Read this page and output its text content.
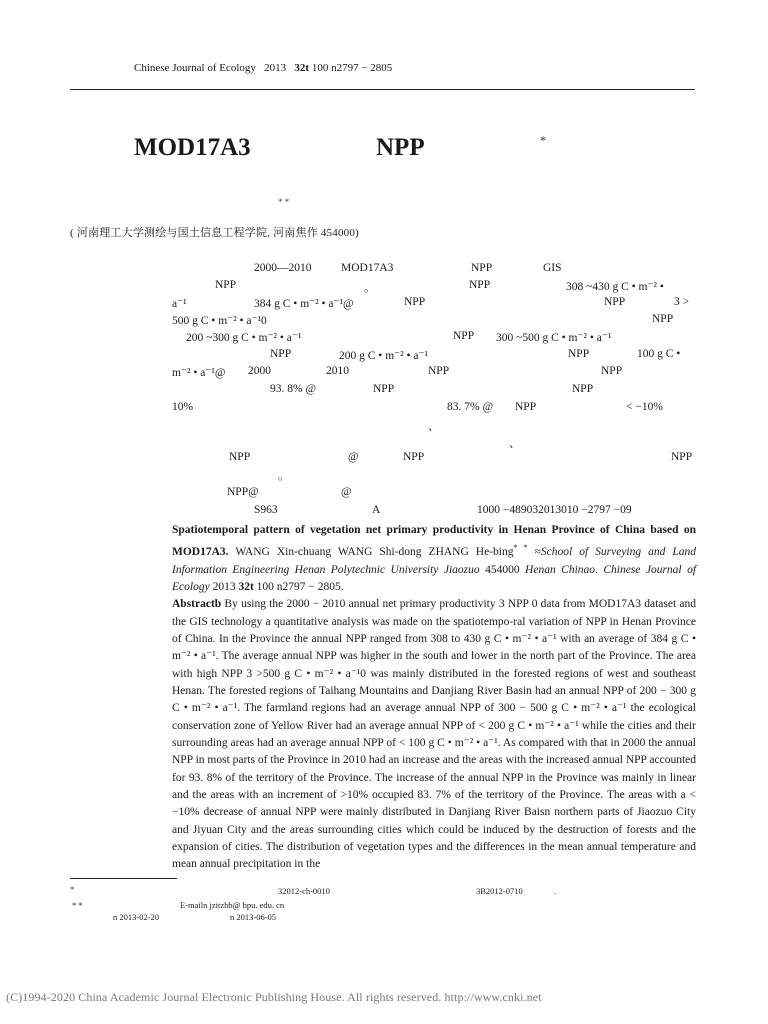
Chinese Journal of Ecology 2013 32t 100 n2797 − 2805
MOD17A3	NPP	*
* *
( 河南理工大学测绘与国土信息工程学院, 河南焦作 454000)
2000—2010	MOD17A3	NPP	GIS
NPP	。	NPP	308 ~430 g C • m⁻² •
a⁻¹	384 g C • m⁻² • a⁻¹@	NPP	NPP	3 >
500 g C • m⁻² • a⁻¹0	NPP
200 ~300 g C • m⁻² • a⁻¹	NPP 300 ~500 g C • m⁻² • a⁻¹
NPP	200 g C • m⁻² • a⁻¹	NPP	100 g C •
m⁻² • a⁻¹@ 2000	2010	NPP	NPP
93. 8% @	NPP	NPP
10%	83. 7% @ NPP	< −10%
、
、
NPP	@	NPP	NPP
。
NPP@	@
S963	A	1000 −489032013010 −2797 −09

Spatiotemporal pattern of vegetation net primary productivity in Henan Province of China based on MOD17A3. WANG Xin-chuang WANG Shi-dong ZHANG He-bing* * ≈School of Surveying and Land Information Engineering Henan Polytechnic University Jiaozuo 454000 Henan Chinao. Chinese Journal of Ecology 2013 32t 100 n2797 − 2805.

Abstractb By using the 2000 − 2010 annual net primary productivity 3 NPP 0 data from MOD17A3 dataset and the GIS technology a quantitative analysis was made on the spatiotempo-ral variation of NPP in Henan Province of China. In the Province the annual NPP ranged from 308 to 430 g C • m⁻² • a⁻¹ with an average of 384 g C • m⁻² • a⁻¹. The average annual NPP was higher in the south and lower in the north part of the Province. The area with high NPP 3 >500 g C • m⁻² • a⁻¹0 was mainly distributed in the forested regions of west and southeast Henan. The forested regions of Taihang Mountains and Danjiang River Basin had an annual NPP of 200 − 300 g C • m⁻² • a⁻¹. The farmland regions had an average annual NPP of 300 − 500 g C • m⁻² • a⁻¹ the ecological conservation zone of Yellow River had an average annual NPP of < 200 g C • m⁻² • a⁻¹ while the cities and their surrounding areas had an average annual NPP of < 100 g C • m⁻² • a⁻¹. As compared with that in 2000 the annual NPP in most parts of the Province in 2010 had an increase and the areas with the increased annual NPP accounted for 93. 8% of the territory of the Province. The increase of the annual NPP in the Province was mainly in linear and the areas with an increment of >10% occupied 83. 7% of the territory of the Province. The areas with a < −10% decrease of annual NPP were mainly distributed in Danjiang River Baisn northern parts of Jiaozuo City and Jiyuan City and the areas surrounding cities which could be induced by the destruction of forests and the expansion of cities. The distribution of vegetation types and the differences in the mean annual temperature and mean annual precipitation in the

*	32012-ch-0010	3B2012-0710	.
* *	E-mailn jzitzhb@ hpu. edu. cn
n 2013-02-20	n 2013-06-05
(C)1994-2020 China Academic Journal Electronic Publishing House. All rights reserved. http://www.cnki.net
